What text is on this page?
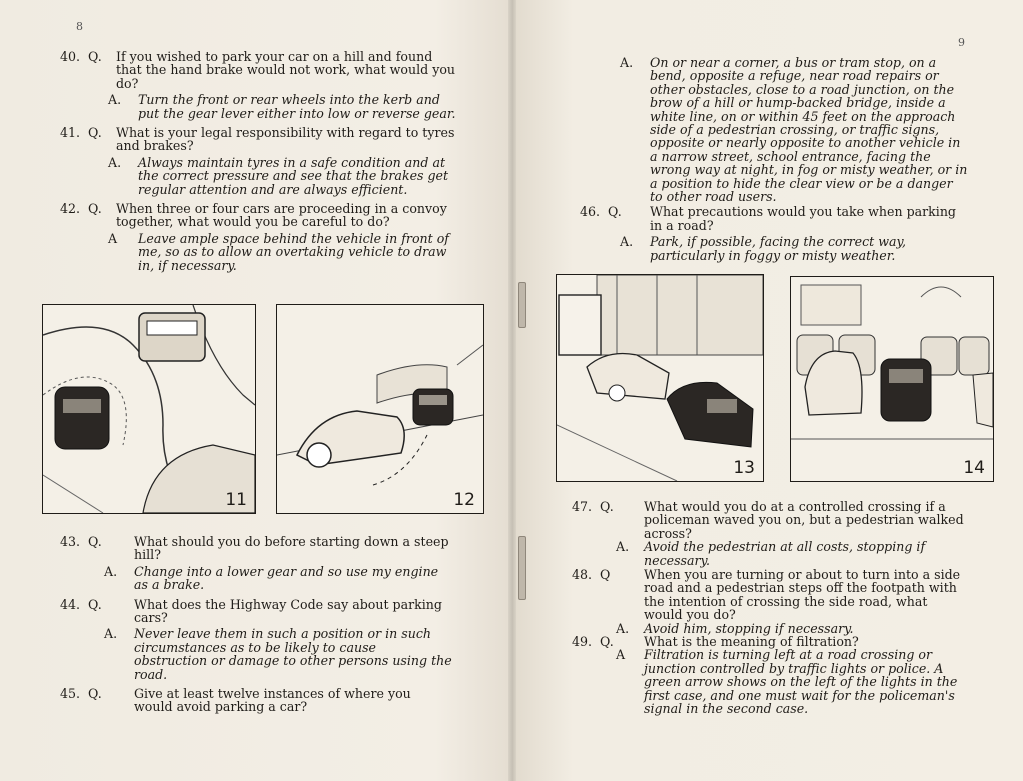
8
40. Q. If you wished to park your car on a hill and found that the hand brake would not work, what would you do?
A. Turn the front or rear wheels into the kerb and put the gear lever either into low or reverse gear.
41. Q. What is your legal responsibility with regard to tyres and brakes?
A. Always maintain tyres in a safe condition and at the correct pressure and see that the brakes get regular attention and are always efficient.
42. Q. When three or four cars are proceeding in a convoy together, what would you be careful to do?
A Leave ample space behind the vehicle in front of me, so as to allow an overtaking vehicle to draw in, if necessary.
11	12
43. Q.	What should you do before starting down a steep hill?
A. Change into a lower gear and so use my engine as a brake.
44. Q.	What does the Highway Code say about parking cars?
A. Never leave them in such a position or in such circumstances as to be likely to cause obstruction or damage to other persons using the road.
45. Q.	Give at least twelve instances of where you would avoid parking a car?
9
A. On or near a corner, a bus or tram stop, on a bend, opposite a refuge, near road repairs or other obstacles, close to a road junction, on the brow of a hill or hump-backed bridge, inside a white line, on or within 45 feet on the approach side of a pedestrian crossing, or traffic signs, opposite or nearly opposite to another vehicle in a narrow street, school entrance, facing the wrong way at night, in fog or misty weather, or in a position to hide the clear view or be a danger to other road users.
46. Q. What precautions would you take when parking in a road?
A. Park, if possible, facing the correct way, particularly in foggy or misty weather.
13	14
47. Q. What would you do at a controlled crossing if a policeman waved you on, but a pedestrian walked across?
A. Avoid the pedestrian at all costs, stopping if necessary.
48. Q	When you are turning or about to turn into a side road and a pedestrian steps off the footpath with the intention of crossing the side road, what would you do?
A. Avoid him, stopping if necessary.
49. Q. What is the meaning of filtration?
A Filtration is turning left at a road crossing or junction controlled by traffic lights or police. A green arrow shows on the left of the lights in the first case, and one must wait for the policeman's signal in the second case.
